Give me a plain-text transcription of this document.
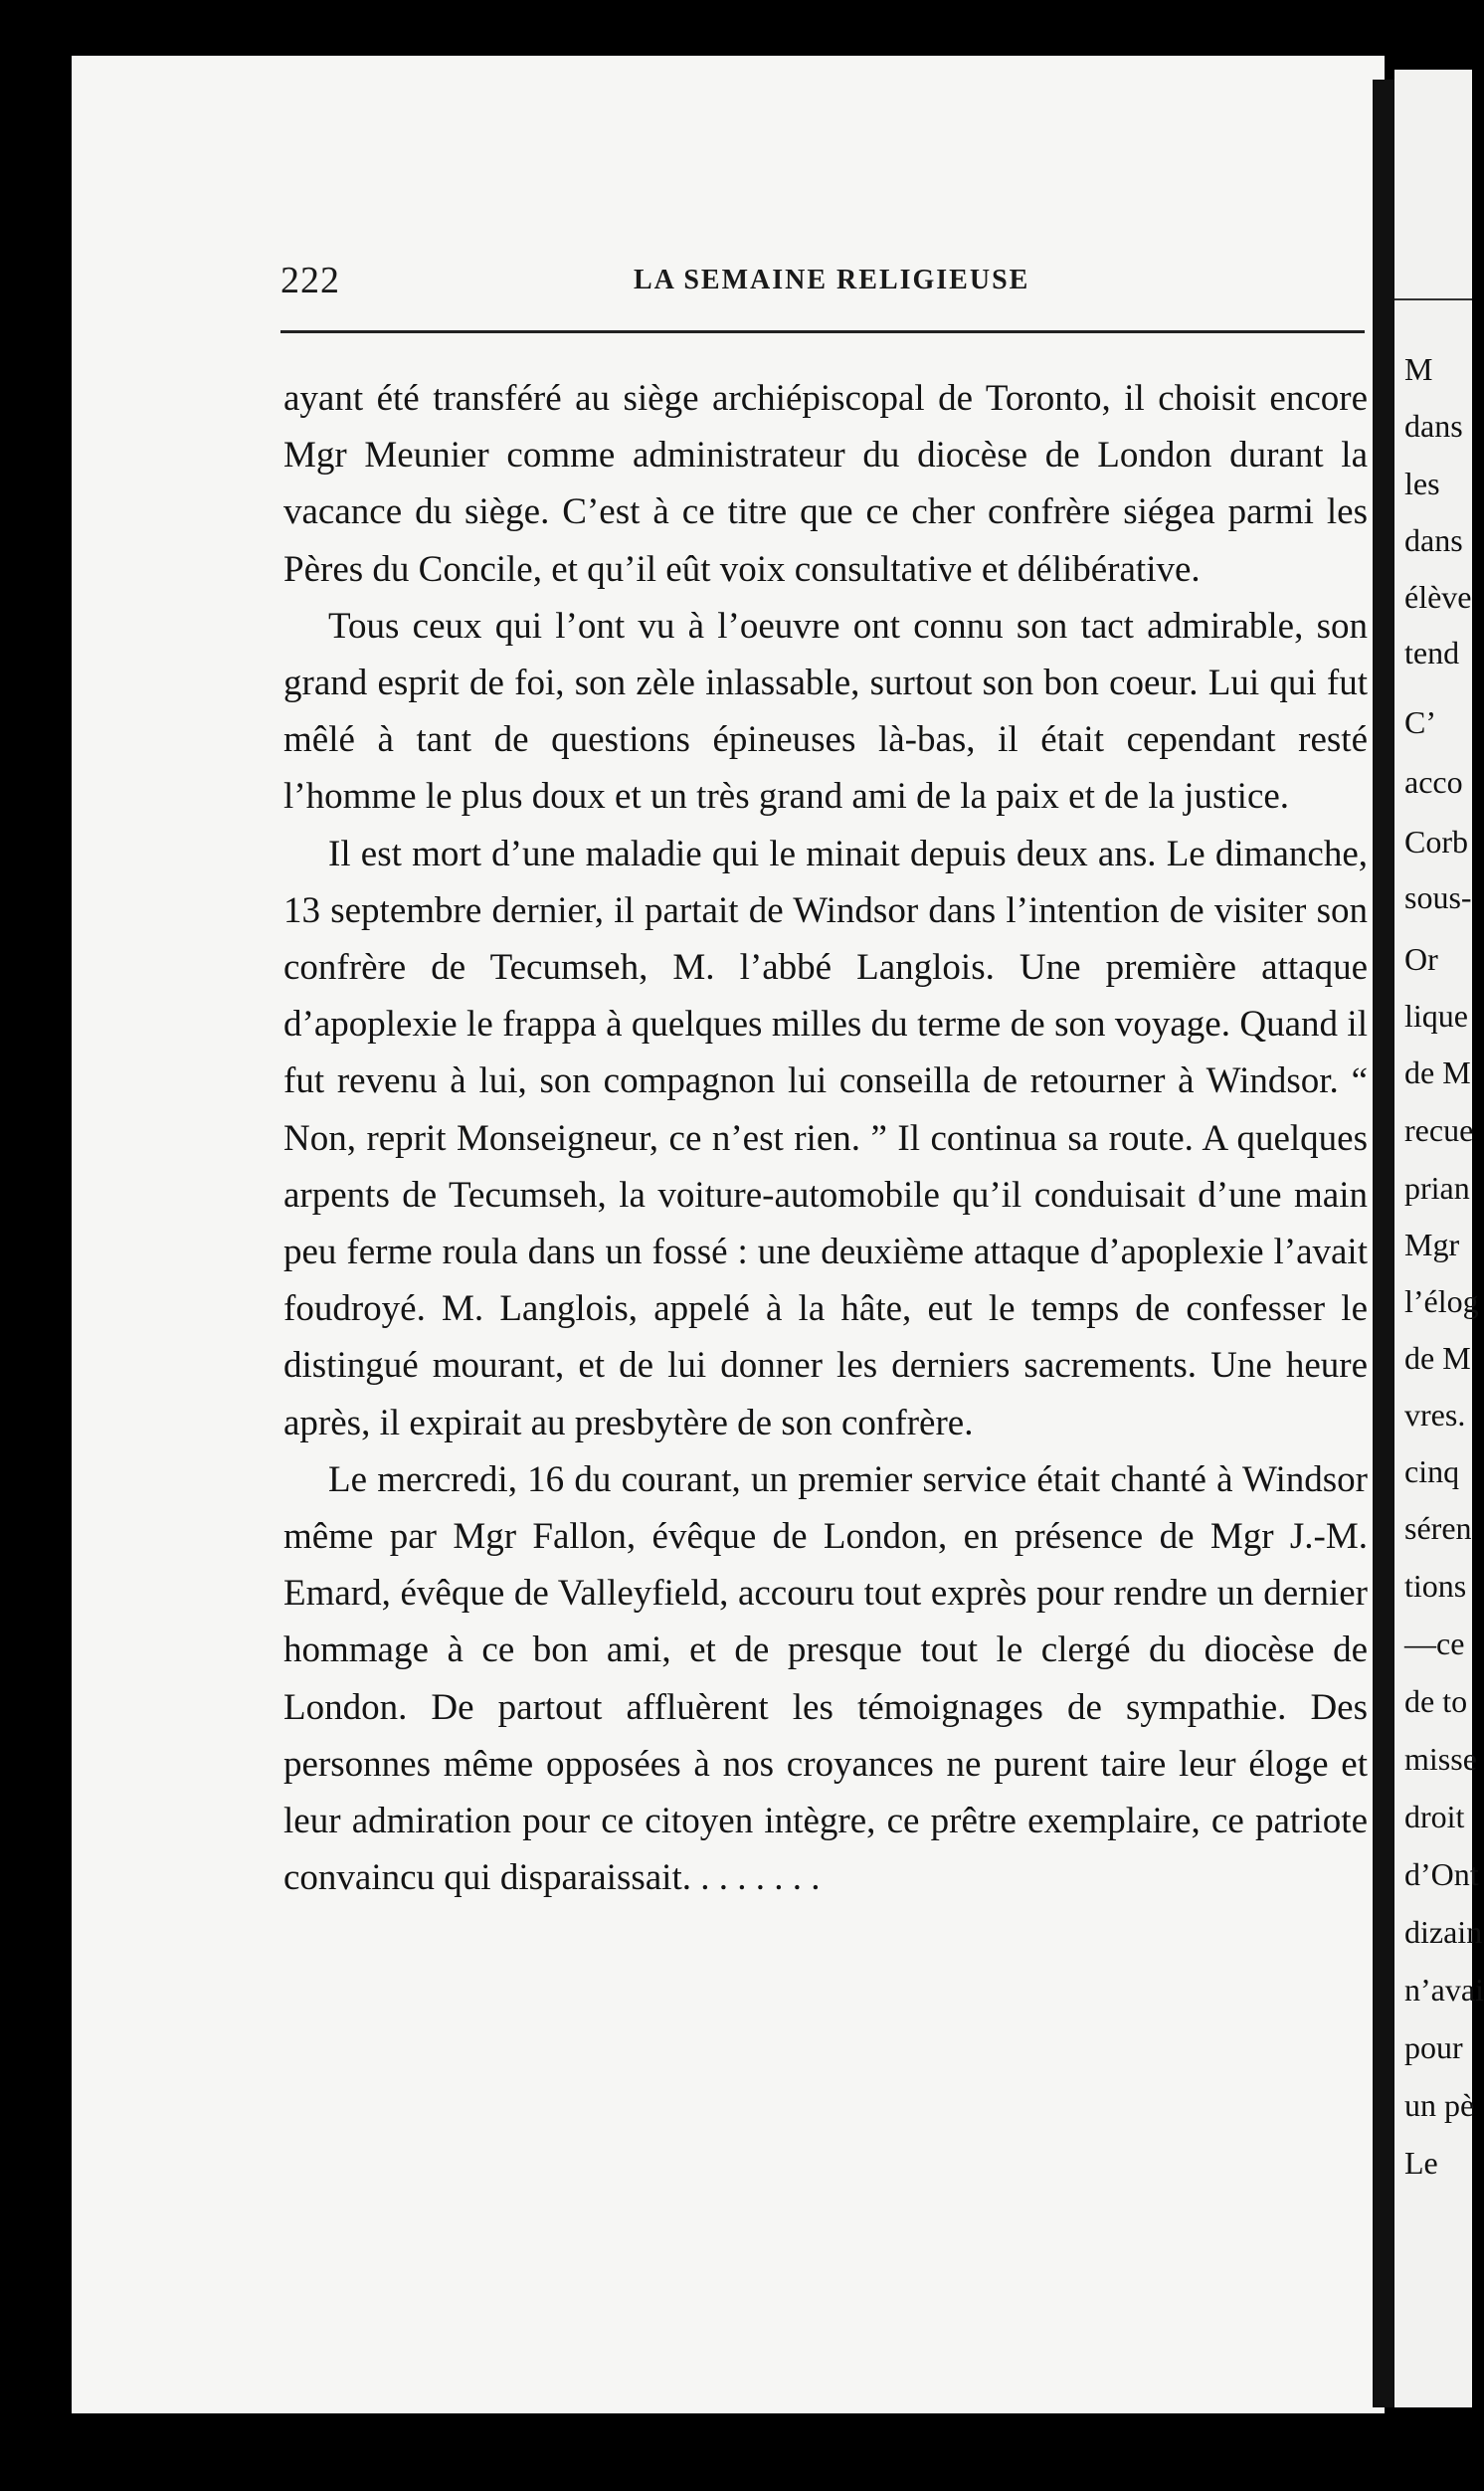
222	LA SEMAINE RELIGIEUSE

ayant été transféré au siège archiépiscopal de Toronto, il choisit encore Mgr Meunier comme administrateur du diocèse de London durant la vacance du siège. C’est à ce titre que ce cher confrère siégea parmi les Pères du Concile, et qu’il eût voix consultative et délibérative.

Tous ceux qui l’ont vu à l’oeuvre ont connu son tact admirable, son grand esprit de foi, son zèle inlassable, surtout son bon coeur. Lui qui fut mêlé à tant de questions épineuses là-bas, il était cependant resté l’homme le plus doux et un très grand ami de la paix et de la justice.

Il est mort d’une maladie qui le minait depuis deux ans. Le dimanche, 13 septembre dernier, il partait de Windsor dans l’intention de visiter son confrère de Tecumseh, M. l’abbé Langlois. Une première attaque d’apoplexie le frappa à quelques milles du terme de son voyage. Quand il fut revenu à lui, son compagnon lui conseilla de retourner à Windsor. “ Non, reprit Monseigneur, ce n’est rien. ” Il continua sa route. A quelques arpents de Tecumseh, la voiture-automobile qu’il conduisait d’une main peu ferme roula dans un fossé : une deuxième attaque d’apoplexie l’avait foudroyé. M. Langlois, appelé à la hâte, eut le temps de confesser le distingué mourant, et de lui donner les derniers sacrements. Une heure après, il expirait au presbytère de son confrère.

Le mercredi, 16 du courant, un premier service était chanté à Windsor même par Mgr Fallon, évêque de London, en présence de Mgr J.-M. Emard, évêque de Valleyfield, accouru tout exprès pour rendre un dernier hommage à ce bon ami, et de presque tout le clergé du diocèse de London. De partout affluèrent les témoignages de sympathie. Des personnes même opposées à nos croyances ne purent taire leur éloge et leur admiration pour ce citoyen intègre, ce prêtre exemplaire, ce patriote convaincu qui disparaissait. . . . . . . .

M
dans
les
dans
élève
tend
C’
acco
Corb
sous-
Or
lique
de M
recue
prian
Mgr
l’élog
de M
vres.
cinq
séren
tions
—ce
de to
misse
droit
d’Ont
dizain
n’avai
pour
un pè
Le
